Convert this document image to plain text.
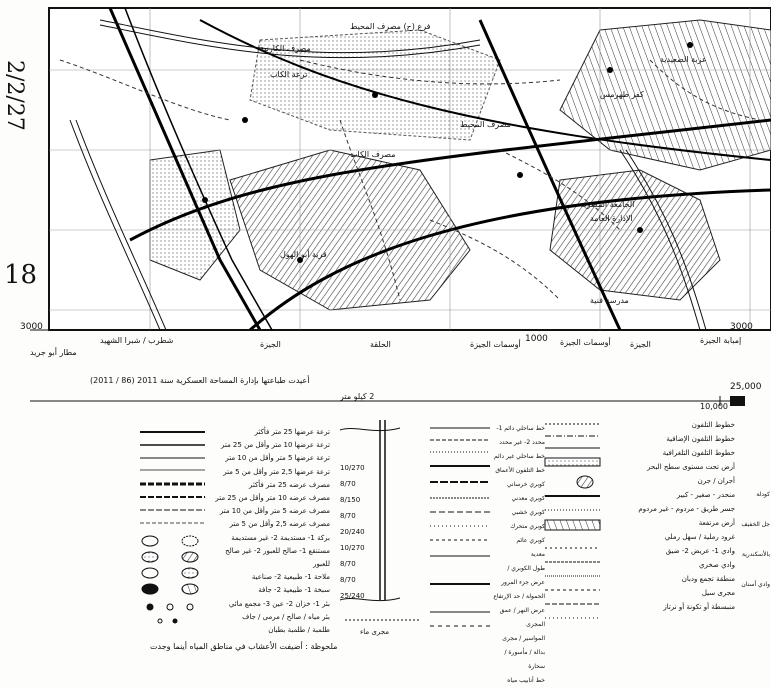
2/2/27
18
مصرف الكارنية
فرع (ح) مصرف المحيط
ترعة الكاب
عزبة الصعيدية
كفر طهرمس
مصرف الكاب
قرية أبو الهول
الجامعة المصرية
الإدارة العامة
مدرسة فنية
مصرف المحيط
إمبابة الجيزة
الجيزة
أوسمات الجيزة
أوسمات الجيزة
الحلقة
الجيزة
شطرب / شبرا الشهيد
مطار أبو جريد
3000
1000
3000
أعيدت طباعتها بإدارة المساحة العسكرية سنة 2011 (86 / 2011)
25,000
2 كيلو متر
10,000
خطوط التلفون
خطوط التلفون الإضافية
خطوط التلفون التلغرافية
أرض تحت مستوى سطح البحر
أجران / جرن
منحدر - صغير - كبير
جسر طريق - مردوم - غير مردوم
أرض مرتفعة
غرود رملية / سهل رملي
وادي 1- عريض 2- ضيق
وادي صخري
منطقة تجمع ودبان
مجرى سيل
منبسطة أو تكونة أو نرتاز
كودلة
جل الخفيف
بالأسكندرية
وادي أسنان
خط ساحلي دائم 1- محدد 2- غير محدد
خط ساحلي غير دائم
خط التلفون الأعماق
كوبري خرساني
كوبري معدني
كوبري خشبي
كوبري متحرك
كوبري عائم
معدية
طول الكوبري / عرض جزء المرور
الحمولة / حد الإرتفاع
عرض النهر / عمق المجرى
المواسير / مجرى
بدالة / مأسورة / سحارة
خط أنابيب مياه
10/270
8/70
8/150
8/70
20/240
10/270
8/70
8/70
25/240
مجرى ماء
ترعة عرضها 25 متر فأكثر
ترعة عرضها 10 متر وأقل من 25 متر
ترعة عرضها 5 متر وأقل من 10 متر
ترعة عرضها 2,5 متر وأقل من 5 متر
مصرف عرضه 25 متر فأكثر
مصرف عرضه 10 متر وأقل من 25 متر
مصرف عرضه 5 متر وأقل من 10 متر
مصرف عرضه 2,5 وأقل من 5 متر
بركة 1- مستديمة 2- غير مستديمة
مستنقع 1- صالح للعبور 2- غير صالح للعبور
ملاحة 1- طبيعية 2- صناعية
سبخة 1- طبيعية 2- جافة
بئر 1- خزان 2- عين 3- مجمع مائي
بئر مياه / صالح / مرمى / جاف
طلمبة / طلمبة بطبان
ملحوظة : أضيفت الأعشاب في مناطق المياه أينما وجدت
